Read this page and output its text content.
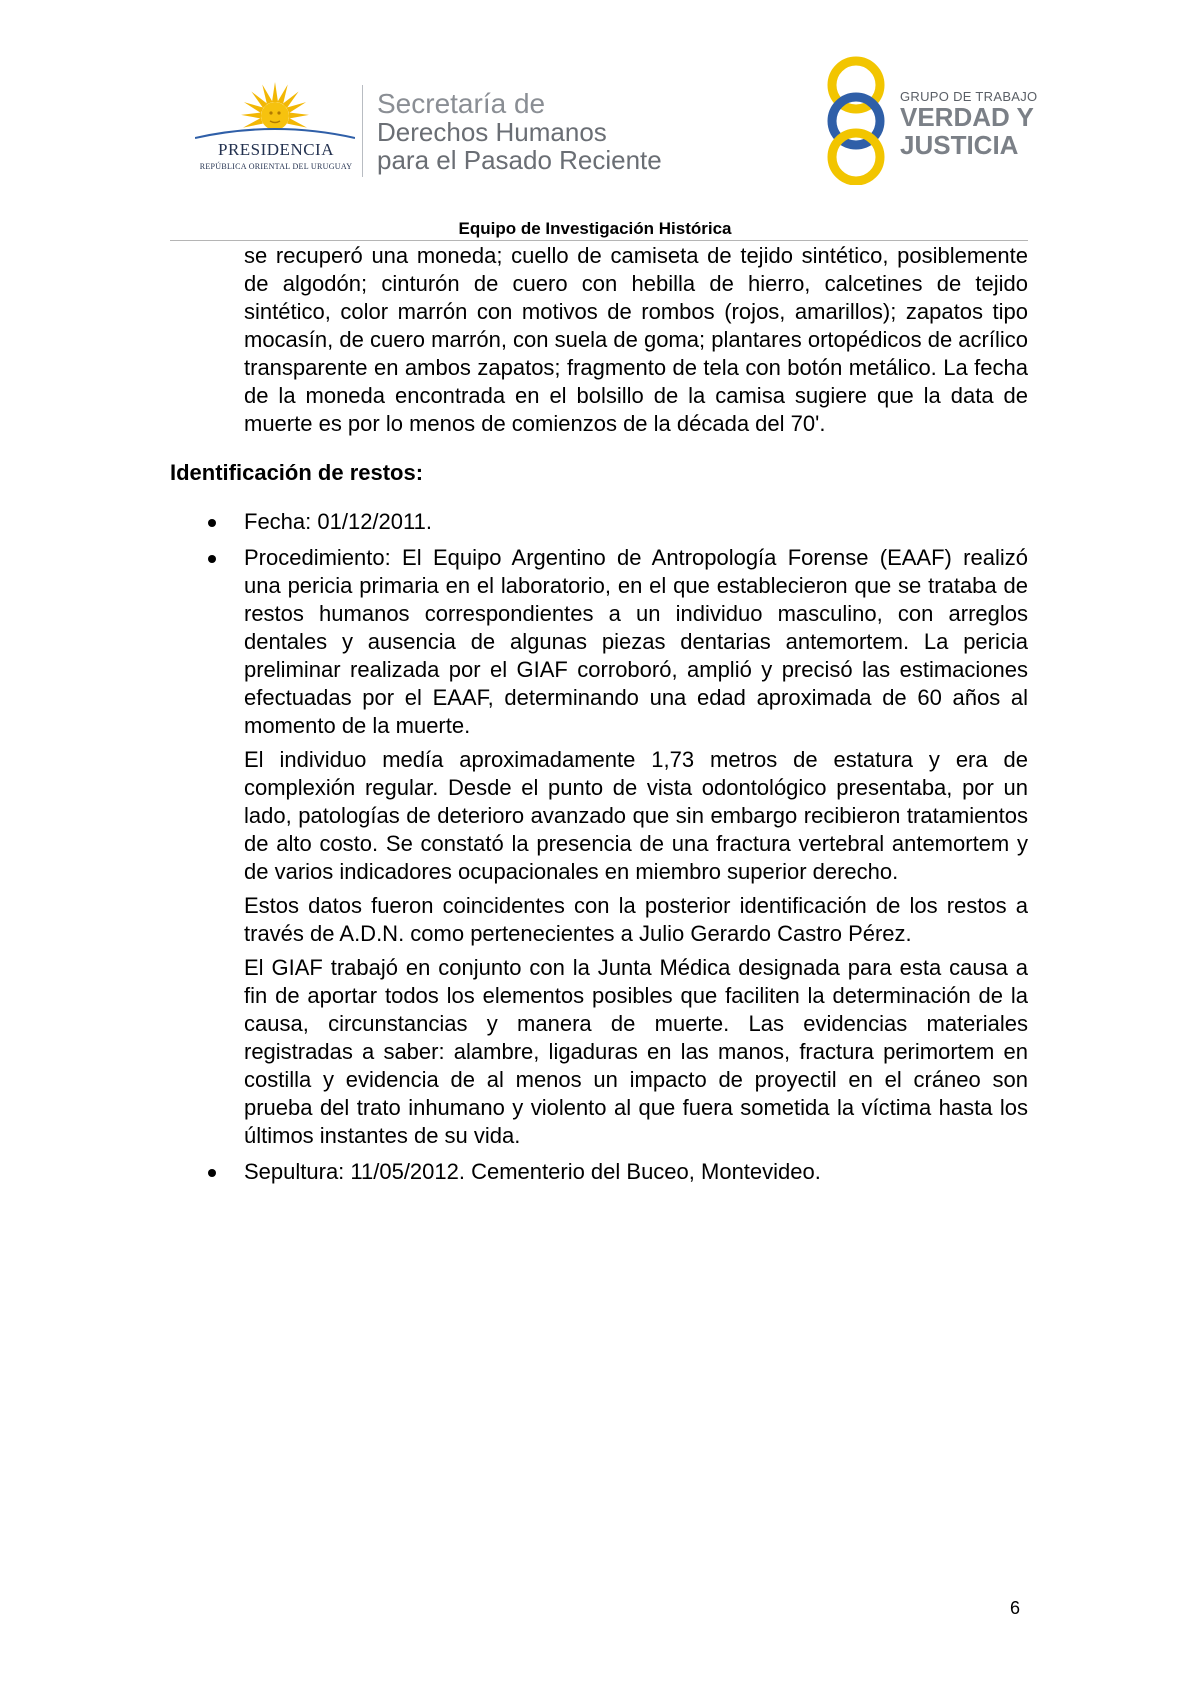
PRESIDENCIA
REPÚBLICA ORIENTAL DEL URUGUAY
Secretaría de
Derechos Humanos
para el Pasado Reciente
GRUPO DE TRABAJO
VERDAD Y
JUSTICIA
Equipo de Investigación Histórica

se recuperó una moneda; cuello de camiseta de tejido sintético, posiblemente de algodón; cinturón de cuero con hebilla de hierro, calcetines de tejido sintético, color marrón con motivos de rombos (rojos, amarillos); zapatos tipo mocasín, de cuero marrón, con suela de goma; plantares ortopédicos de acrílico transparente en ambos zapatos; fragmento de tela con botón metálico. La fecha de la moneda encontrada en el bolsillo de la camisa sugiere que la data de muerte es por lo menos de comienzos de la década del 70'.

Identificación de restos:

Fecha: 01/12/2011.

Procedimiento: El Equipo Argentino de Antropología Forense (EAAF) realizó una pericia primaria en el laboratorio, en el que establecieron que se trataba de restos humanos correspondientes a un individuo masculino, con arreglos dentales y ausencia de algunas piezas dentarias antemortem. La pericia preliminar realizada por el GIAF corroboró, amplió y precisó las estimaciones efectuadas por el EAAF, determinando una edad aproximada de 60 años al momento de la muerte.

El individuo medía aproximadamente 1,73 metros de estatura y era de complexión regular. Desde el punto de vista odontológico presentaba, por un lado, patologías de deterioro avanzado que sin embargo recibieron tratamientos de alto costo. Se constató la presencia de una fractura vertebral antemortem y de varios indicadores ocupacionales en miembro superior derecho.

Estos datos fueron coincidentes con la posterior identificación de los restos a través de A.D.N. como pertenecientes a Julio Gerardo Castro Pérez.

El GIAF trabajó en conjunto con la Junta Médica designada para esta causa a fin de aportar todos los elementos posibles que faciliten la determinación de la causa, circunstancias y manera de muerte. Las evidencias materiales registradas a saber: alambre, ligaduras en las manos, fractura perimortem en costilla y evidencia de al menos un impacto de proyectil en el cráneo son prueba del trato inhumano y violento al que fuera sometida la víctima hasta los últimos instantes de su vida.

Sepultura: 11/05/2012. Cementerio del Buceo, Montevideo.

6
